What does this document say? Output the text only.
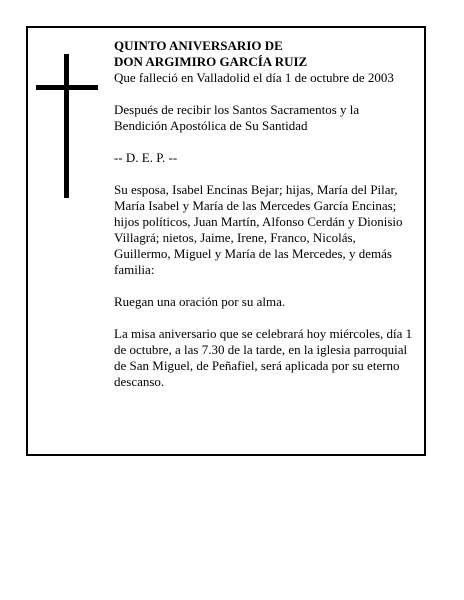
QUINTO ANIVERSARIO DE

DON ARGIMIRO GARCÍA RUIZ

Que falleció en Valladolid el día 1 de octubre de 2003

Después de recibir los Santos Sacramentos y la Bendición Apostólica de Su Santidad

-- D. E. P. --

Su esposa, Isabel Encinas Bejar; hijas, María del Pilar, María Isabel y María de las Mercedes García Encinas; hijos políticos, Juan Martín, Alfonso Cerdán y Dionisio Villagrá; nietos, Jaime, Irene, Franco, Nicolás, Guillermo, Miguel y María de las Mercedes, y demás familia:

Ruegan una oración por su alma.

La misa aniversario que se celebrará hoy miércoles, día 1 de octubre, a las 7.30 de la tarde, en la iglesia parroquial de San Miguel, de Peñafiel, será aplicada por su eterno descanso.
